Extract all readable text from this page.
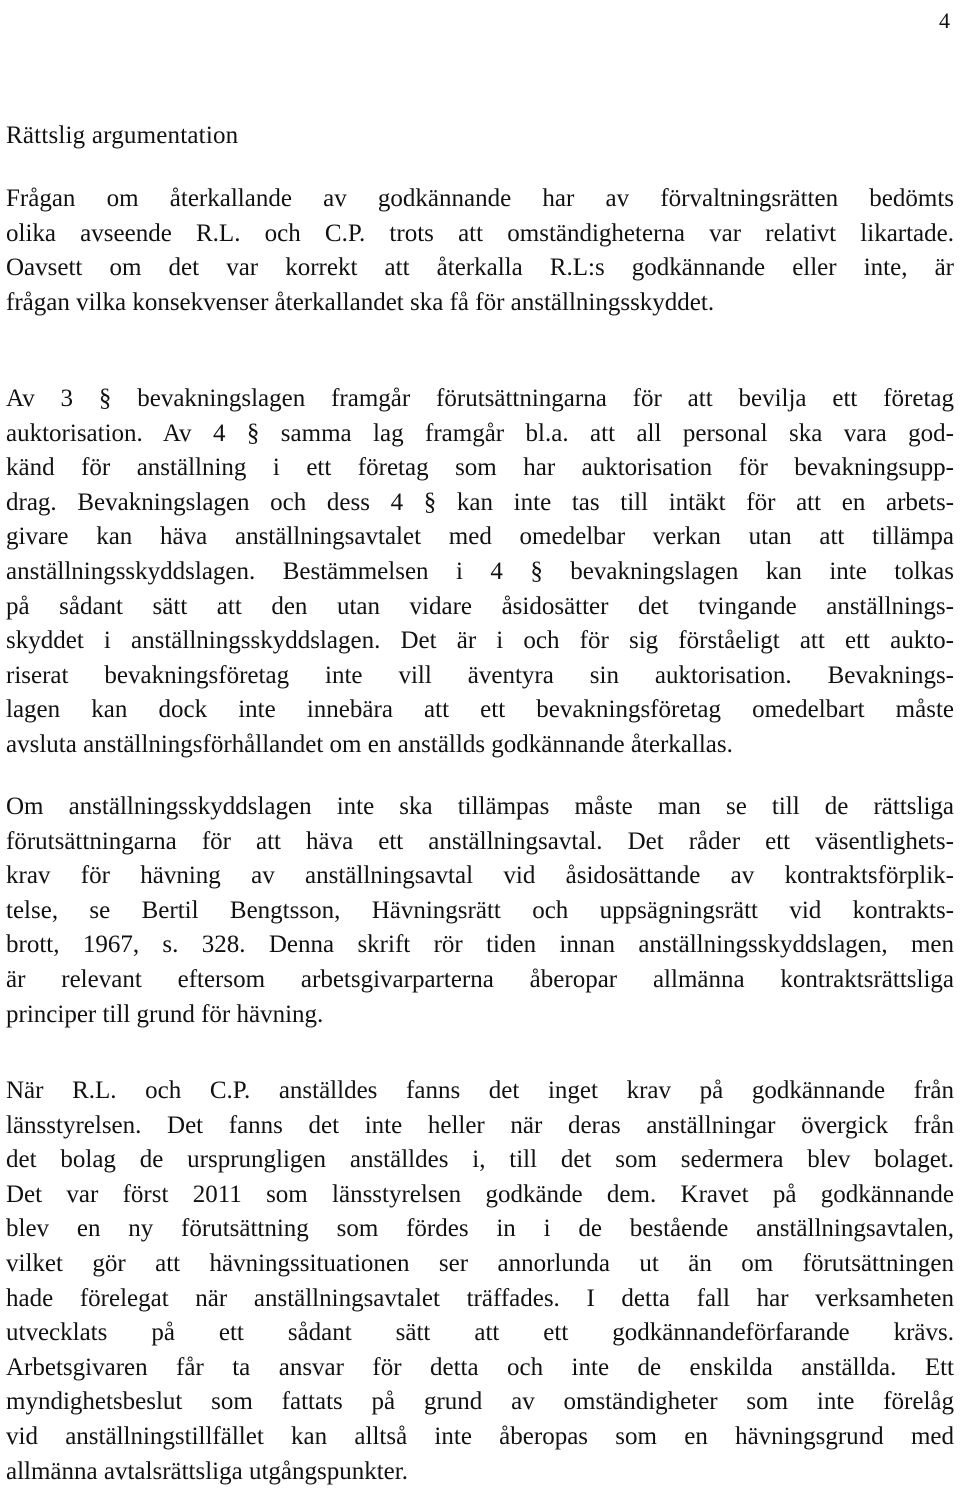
4
Rättslig argumentation
Frågan om återkallande av godkännande har av förvaltningsrätten bedömts
olika avseende R.L. och C.P. trots att omständigheterna var relativt likartade.
Oavsett om det var korrekt att återkalla R.L:s godkännande eller inte, är
frågan vilka konsekvenser återkallandet ska få för anställningsskyddet.
Av 3 § bevakningslagen framgår förutsättningarna för att bevilja ett företag
auktorisation. Av 4 § samma lag framgår bl.a. att all personal ska vara god-
känd för anställning i ett företag som har auktorisation för bevakningsupp-
drag. Bevakningslagen och dess 4 § kan inte tas till intäkt för att en arbets-
givare kan häva anställningsavtalet med omedelbar verkan utan att tillämpa
anställningsskyddslagen. Bestämmelsen i 4 § bevakningslagen kan inte tolkas
på sådant sätt att den utan vidare åsidosätter det tvingande anställnings-
skyddet i anställningsskyddslagen. Det är i och för sig förståeligt att ett aukto-
riserat bevakningsföretag inte vill äventyra sin auktorisation. Bevaknings-
lagen kan dock inte innebära att ett bevakningsföretag omedelbart måste
avsluta anställningsförhållandet om en anställds godkännande återkallas.
Om anställningsskyddslagen inte ska tillämpas måste man se till de rättsliga
förutsättningarna för att häva ett anställningsavtal. Det råder ett väsentlighets-
krav för hävning av anställningsavtal vid åsidosättande av kontraktsförplik-
telse, se Bertil Bengtsson, Hävningsrätt och uppsägningsrätt vid kontrakts-
brott, 1967, s. 328. Denna skrift rör tiden innan anställningsskyddslagen, men
är relevant eftersom arbetsgivarparterna åberopar allmänna kontraktsrättsliga
principer till grund för hävning.
När R.L. och C.P. anställdes fanns det inget krav på godkännande från
länsstyrelsen. Det fanns det inte heller när deras anställningar övergick från
det bolag de ursprungligen anställdes i, till det som sedermera blev bolaget.
Det var först 2011 som länsstyrelsen godkände dem. Kravet på godkännande
blev en ny förutsättning som fördes in i de bestående anställningsavtalen,
vilket gör att hävningssituationen ser annorlunda ut än om förutsättningen
hade förelegat när anställningsavtalet träffades. I detta fall har verksamheten
utvecklats på ett sådant sätt att ett godkännandeförfarande krävs.
Arbetsgivaren får ta ansvar för detta och inte de enskilda anställda. Ett
myndighetsbeslut som fattats på grund av omständigheter som inte förelåg
vid anställningstillfället kan alltså inte åberopas som en hävningsgrund med
allmänna avtalsrättsliga utgångspunkter.
